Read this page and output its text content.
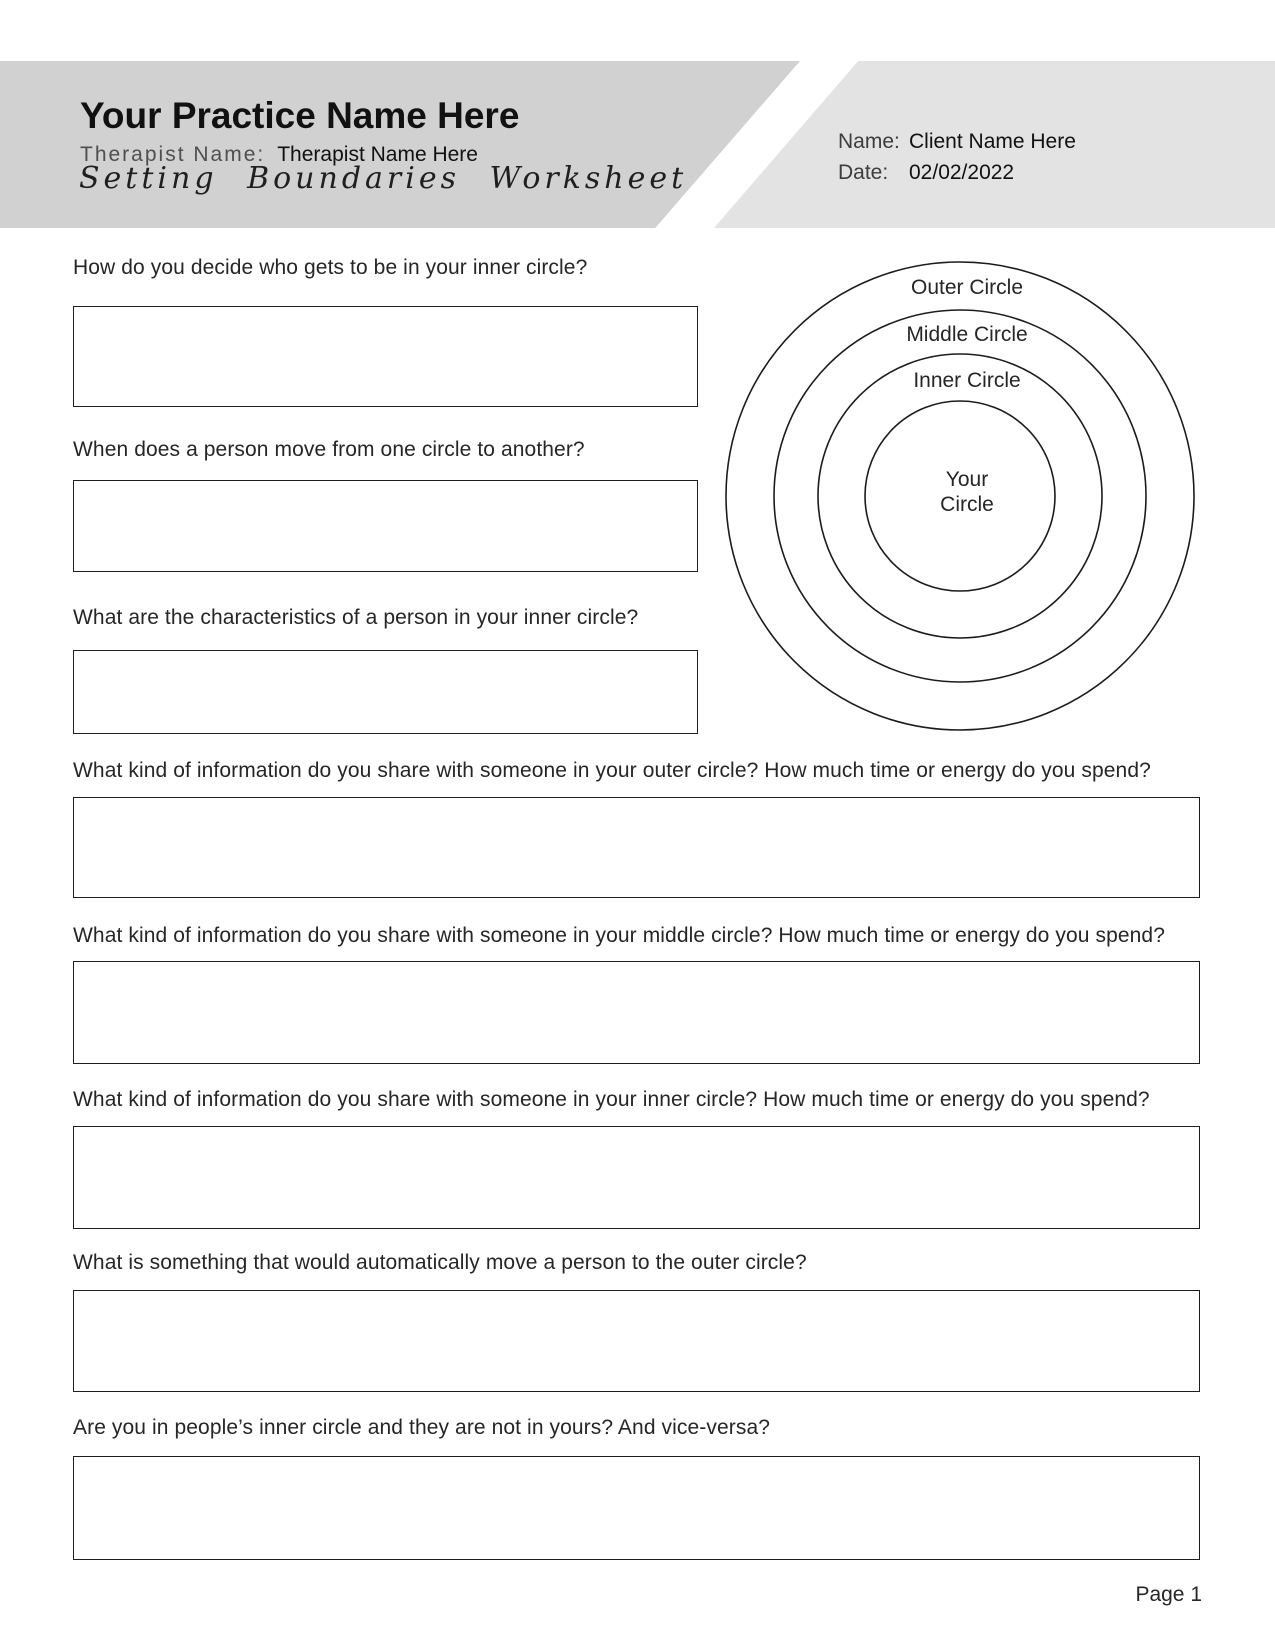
Your Practice Name Here
Therapist Name: Therapist Name Here
Setting Boundaries Worksheet
Name: Client Name Here
Date: 02/02/2022
Outer Circle
Middle Circle
Inner Circle
Your
Circle
How do you decide who gets to be in your inner circle?
When does a person move from one circle to another?
What are the characteristics of a person in your inner circle?
What kind of information do you share with someone in your outer circle? How much time or energy do you spend?
What kind of information do you share with someone in your middle circle? How much time or energy do you spend?
What kind of information do you share with someone in your inner circle? How much time or energy do you spend?
What is something that would automatically move a person to the outer circle?
Are you in people’s inner circle and they are not in yours? And vice-versa?
Page 1
